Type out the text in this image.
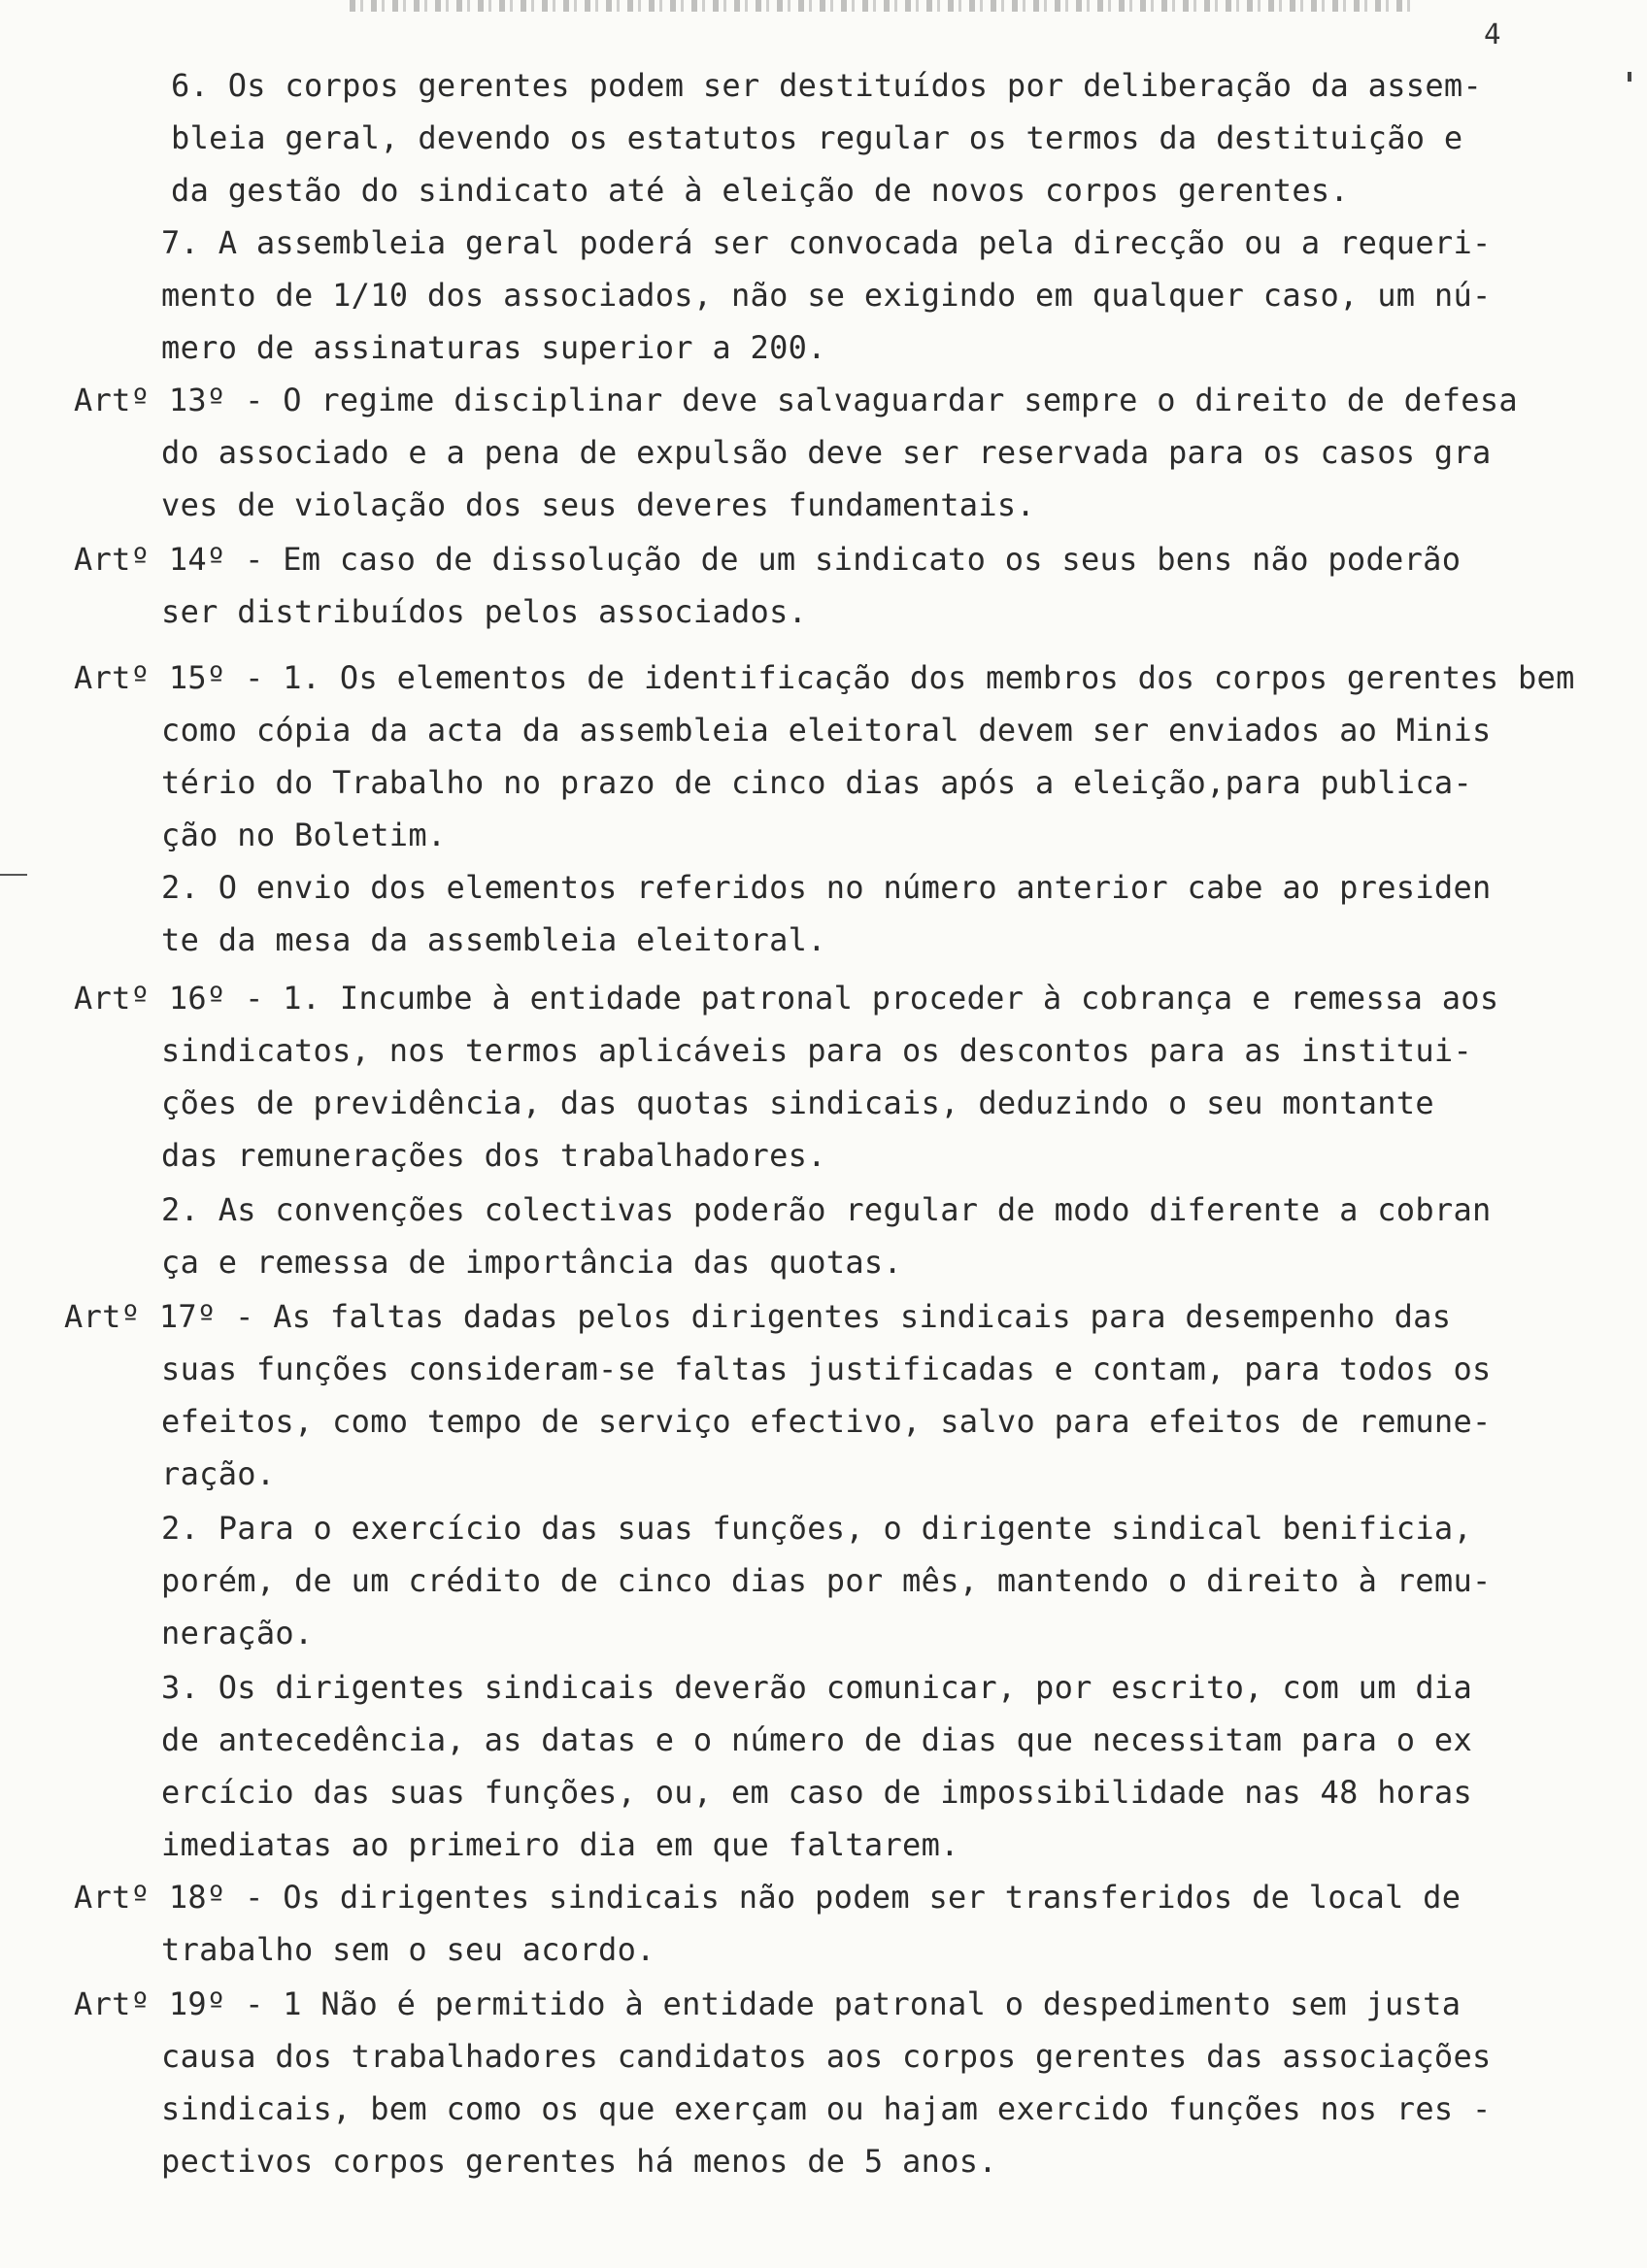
4
6. Os corpos gerentes podem ser destituídos por deliberação da assem-
bleia geral, devendo os estatutos regular os termos da destituição e
da gestão do sindicato até à eleição de novos corpos gerentes.
7. A assembleia geral poderá ser convocada pela direcção ou a requeri-
mento de 1/10 dos associados, não se exigindo em qualquer caso, um nú-
mero de assinaturas superior a 200.
Artº 13º - O regime disciplinar deve salvaguardar sempre o direito de defesa
do associado e a pena de expulsão deve ser reservada para os casos gra
ves de violação dos seus deveres fundamentais.
Artº 14º - Em caso de dissolução de um sindicato os seus bens não poderão
ser distribuídos pelos associados.
Artº 15º - 1. Os elementos de identificação dos membros dos corpos gerentes bem
como cópia da acta da assembleia eleitoral devem ser enviados ao Minis
tério do Trabalho no prazo de cinco dias após a eleição,para publica-
ção no Boletim.
2. O envio dos elementos referidos no número anterior cabe ao presiden
te da mesa da assembleia eleitoral.
Artº 16º - 1. Incumbe à entidade patronal proceder à cobrança e remessa aos
sindicatos, nos termos aplicáveis para os descontos para as institui-
ções de previdência, das quotas sindicais, deduzindo o seu montante
das remunerações dos trabalhadores.
2. As convenções colectivas poderão regular de modo diferente a cobran
ça e remessa de importância das quotas.
Artº 17º - As faltas dadas pelos dirigentes sindicais para desempenho das
suas funções consideram-se faltas justificadas e contam, para todos os
efeitos, como tempo de serviço efectivo, salvo para efeitos de remune-
ração.
2. Para o exercício das suas funções, o dirigente sindical benificia,
porém, de um crédito de cinco dias por mês, mantendo o direito à remu-
neração.
3. Os dirigentes sindicais deverão comunicar, por escrito, com um dia
de antecedência, as datas e o número de dias que necessitam para o ex
ercício das suas funções, ou, em caso de impossibilidade nas 48 horas
imediatas ao primeiro dia em que faltarem.
Artº 18º - Os dirigentes sindicais não podem ser transferidos de local de
trabalho sem o seu acordo.
Artº 19º - 1 Não é permitido à entidade patronal o despedimento sem justa
causa dos trabalhadores candidatos aos corpos gerentes das associações
sindicais, bem como os que exerçam ou hajam exercido funções nos res -
pectivos corpos gerentes há menos de 5 anos.
